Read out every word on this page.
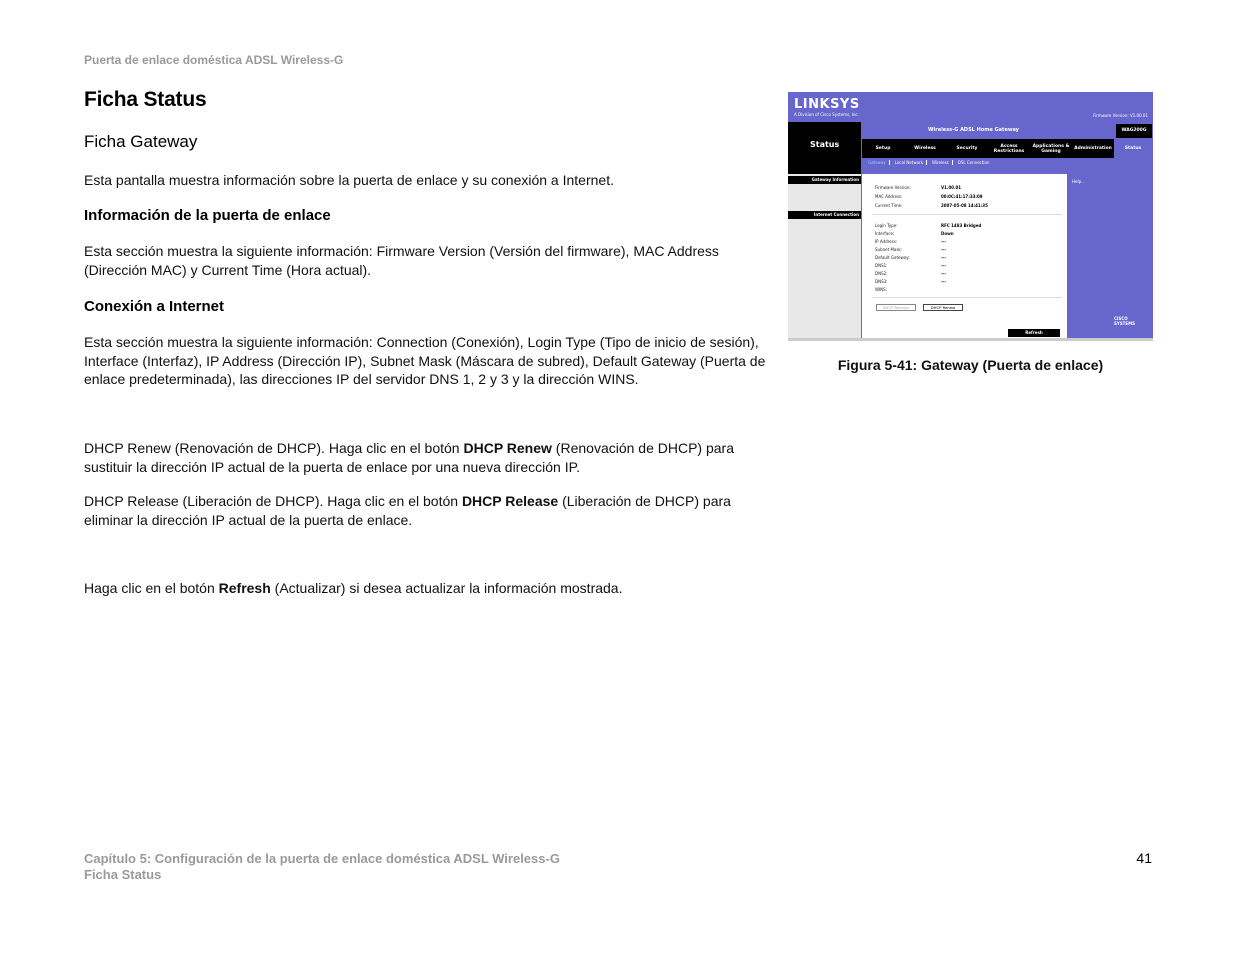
Puerta de enlace doméstica ADSL Wireless-G
Ficha Status
Ficha Gateway
Esta pantalla muestra información sobre la puerta de enlace y su conexión a Internet.
Información de la puerta de enlace
Esta sección muestra la siguiente información: Firmware Version (Versión del firmware), MAC Address (Dirección MAC) y Current Time (Hora actual).
Conexión a Internet
Esta sección muestra la siguiente información: Connection (Conexión), Login Type (Tipo de inicio de sesión), Interface (Interfaz), IP Address (Dirección IP), Subnet Mask (Máscara de subred), Default Gateway (Puerta de enlace predeterminada), las direcciones IP del servidor DNS 1, 2 y 3 y la dirección WINS.
DHCP Renew (Renovación de DHCP). Haga clic en el botón DHCP Renew (Renovación de DHCP) para sustituir la dirección IP actual de la puerta de enlace por una nueva dirección IP.
DHCP Release (Liberación de DHCP). Haga clic en el botón DHCP Release (Liberación de DHCP) para eliminar la dirección IP actual de la puerta de enlace.
Haga clic en el botón Refresh (Actualizar) si desea actualizar la información mostrada.
LINKSYS
A Division of Cisco Systems, Inc.	Firmware Version: V1.00.01
Status
Wireless-G ADSL Home Gateway	WAG200G
Setup	Wireless	Security	Access Restrictions
Applications & Gaming	Administration	Status
Gateway	Local Network	Wireless	DSL Connection
Gateway Information
Internet Connection
Firmware Version:	V1.00.01
MAC Address:	00:0C:41:17:33:09
Current Time:	2007-05-08 14:41:35
Login Type:	RFC 1483 Bridged
Interface:	Down
IP Address:	---
Subnet Mask:	---
Default Gateway:	---
DNS1:	---
DNS2:	---
DNS3:	---
WINS:
DHCP Release	DHCP Renew
Help...
Refresh
CISCO SYSTEMS
Figura 5-41: Gateway (Puerta de enlace)
Capítulo 5: Configuración de la puerta de enlace doméstica ADSL Wireless-G
Ficha Status
41
